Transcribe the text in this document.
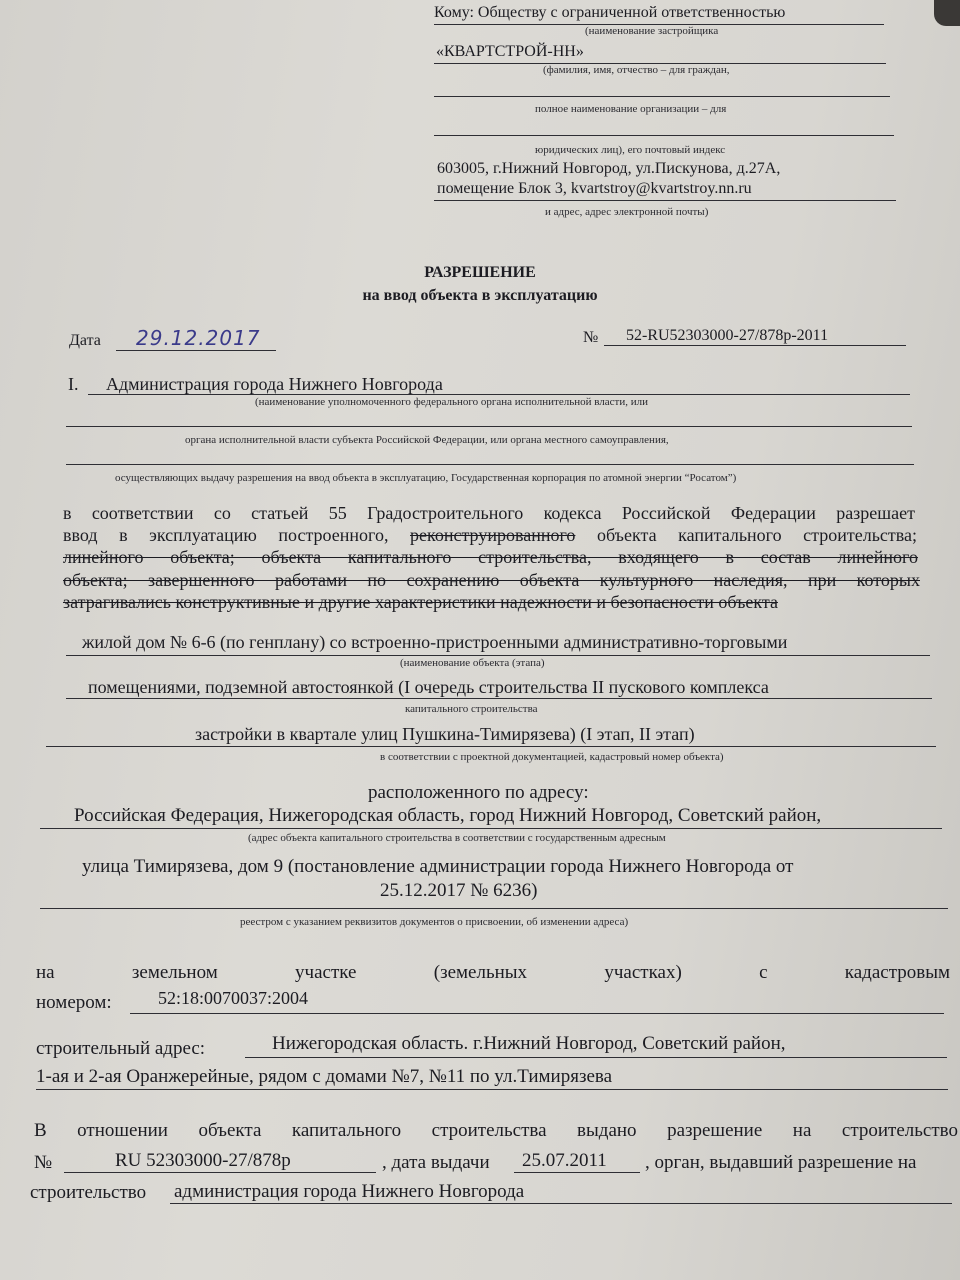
Кому: Обществу с ограниченной ответственностью
(наименование застройщика
«КВАРТСТРОЙ-НН»
(фамилия, имя, отчество – для граждан,
полное наименование организации – для
юридических лиц), его почтовый индекс
603005, г.Нижний Новгород, ул.Пискунова, д.27А,
помещение Блок 3, kvartstroy@kvartstroy.nn.ru
и адрес, адрес электронной почты)
РАЗРЕШЕНИЕ
на ввод объекта в эксплуатацию
Дата 29.12.2017	№ 52-RU52303000-27/878р-2011
I. Администрация города Нижнего Новгорода
(наименование уполномоченного федерального органа исполнительной власти, или
органа исполнительной власти субъекта Российской Федерации, или органа местного самоуправления,
осуществляющих выдачу разрешения на ввод объекта в эксплуатацию, Государственная корпорация по атомной энергии “Росатом”)
в соответствии со статьей 55 Градостроительного кодекса Российской Федерации разрешает
ввод в эксплуатацию построенного, реконструированного объекта капитального строительства;
линейного объекта; объекта капитального строительства, входящего в состав линейного
объекта; завершенного работами по сохранению объекта культурного наследия, при которых
затрагивались конструктивные и другие характеристики надежности и безопасности объекта
жилой дом № 6-6 (по генплану) со встроенно-пристроенными административно-торговыми
(наименование объекта (этапа)
помещениями, подземной автостоянкой (I очередь строительства II пускового комплекса
капитального строительства
застройки в квартале улиц Пушкина-Тимирязева) (I этап, II этап)
в соответствии с проектной документацией, кадастровый номер объекта)
расположенного по адресу:
Российская Федерация, Нижегородская область, город Нижний Новгород, Советский район,
(адрес объекта капитального строительства в соответствии с государственным адресным
улица Тимирязева, дом 9 (постановление администрации города Нижнего Новгорода от
25.12.2017 № 6236)
реестром с указанием реквизитов документов о присвоении, об изменении адреса)
на	земельном	участке	(земельных	участках)	с	кадастровым
номером:	52:18:0070037:2004
строительный адрес:	Нижегородская область. г.Нижний Новгород, Советский район,
1-ая и 2-ая Оранжерейные, рядом с домами №7, №11 по ул.Тимирязева
В отношении объекта капитального строительства выдано разрешение на строительство
№	RU 52303000-27/878р	, дата выдачи 25.07.2011 , орган, выдавший разрешение на
строительство администрация города Нижнего Новгорода
